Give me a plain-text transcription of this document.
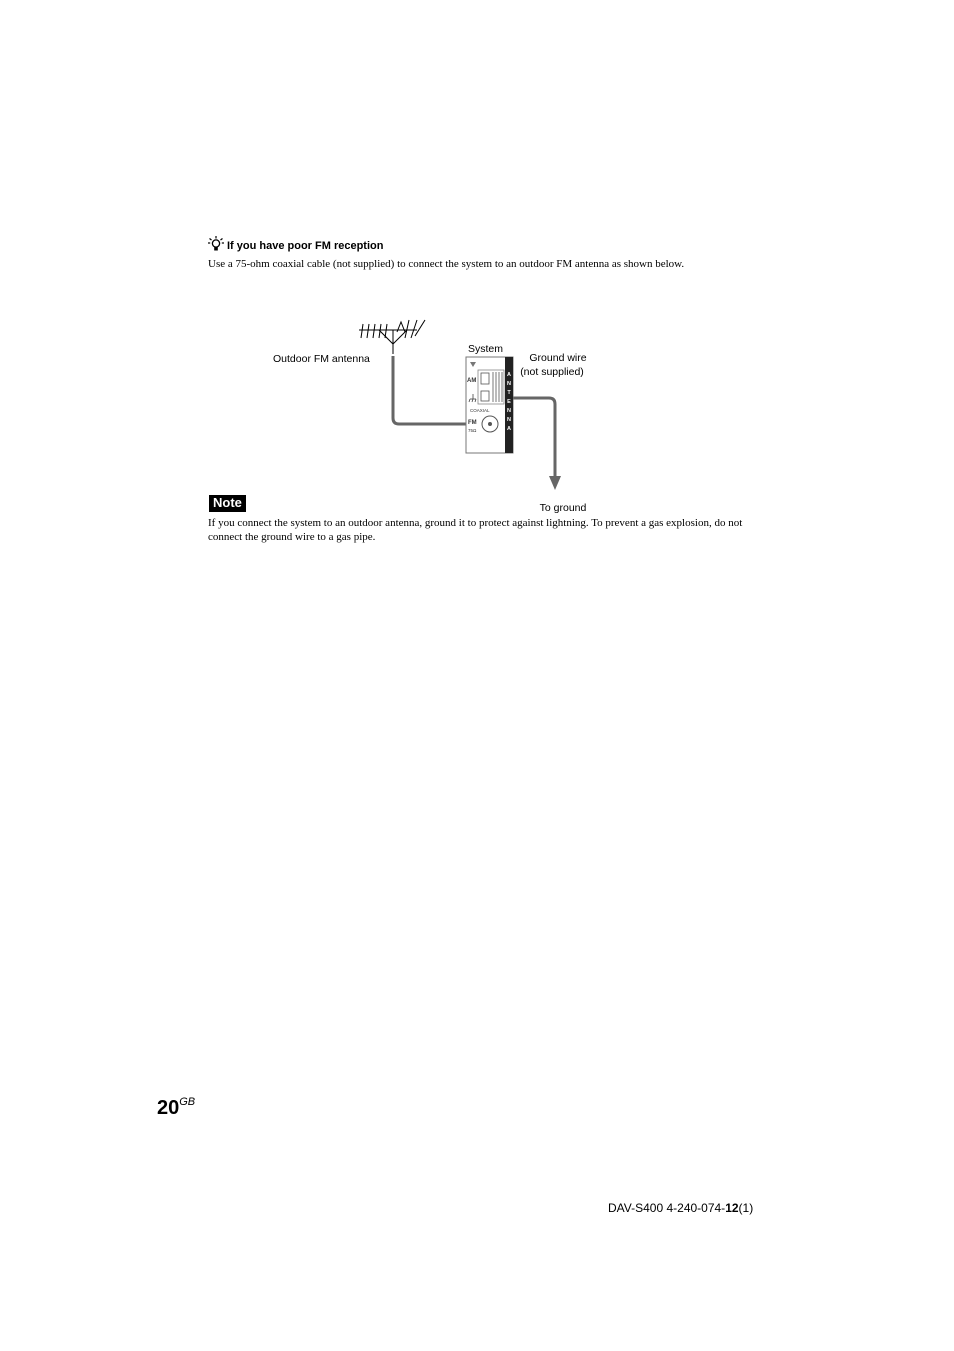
If you have poor FM reception
Use a 75-ohm coaxial cable (not supplied) to connect the system to an outdoor FM antenna as shown below.
AM
COAXIAL
FM
75Ω
A
N
T
E
N
N
A
Outdoor FM antenna
System
Ground wire
(not supplied)
To ground
Note
If you connect the system to an outdoor antenna, ground it to protect against lightning. To prevent a gas explosion, do not connect the ground wire to a gas pipe.
$20^{GB}$
DAV-S400 4-240-074-12(1)
